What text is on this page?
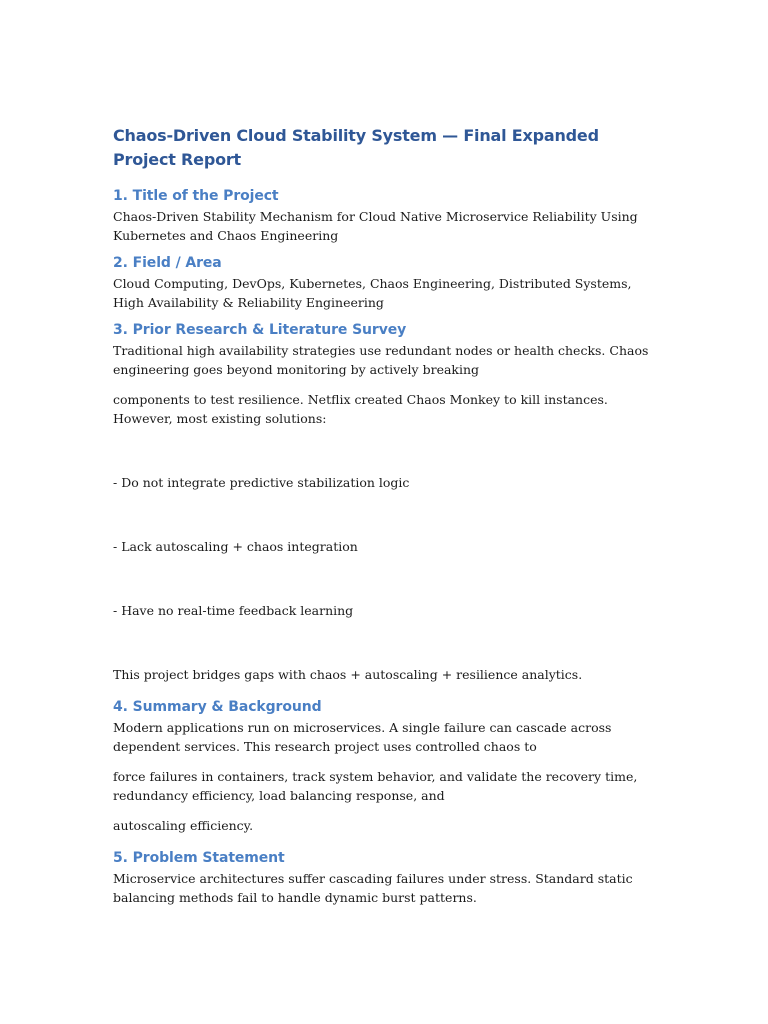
Chaos-Driven Cloud Stability System — Final Expanded Project Report
1. Title of the Project

Chaos-Driven Stability Mechanism for Cloud Native Microservice Reliability Using Kubernetes and Chaos Engineering

2. Field / Area

Cloud Computing, DevOps, Kubernetes, Chaos Engineering, Distributed Systems, High Availability & Reliability Engineering

3. Prior Research & Literature Survey

Traditional high availability strategies use redundant nodes or health checks. Chaos engineering goes beyond monitoring by actively breaking

components to test resilience. Netflix created Chaos Monkey to kill instances. However, most existing solutions:

- Do not integrate predictive stabilization logic

- Lack autoscaling + chaos integration

- Have no real-time feedback learning

This project bridges gaps with chaos + autoscaling + resilience analytics.

4. Summary & Background

Modern applications run on microservices. A single failure can cascade across dependent services. This research project uses controlled chaos to

force failures in containers, track system behavior, and validate the recovery time, redundancy efficiency, load balancing response, and

autoscaling efficiency.

5. Problem Statement

Microservice architectures suffer cascading failures under stress. Standard static balancing methods fail to handle dynamic burst patterns.
